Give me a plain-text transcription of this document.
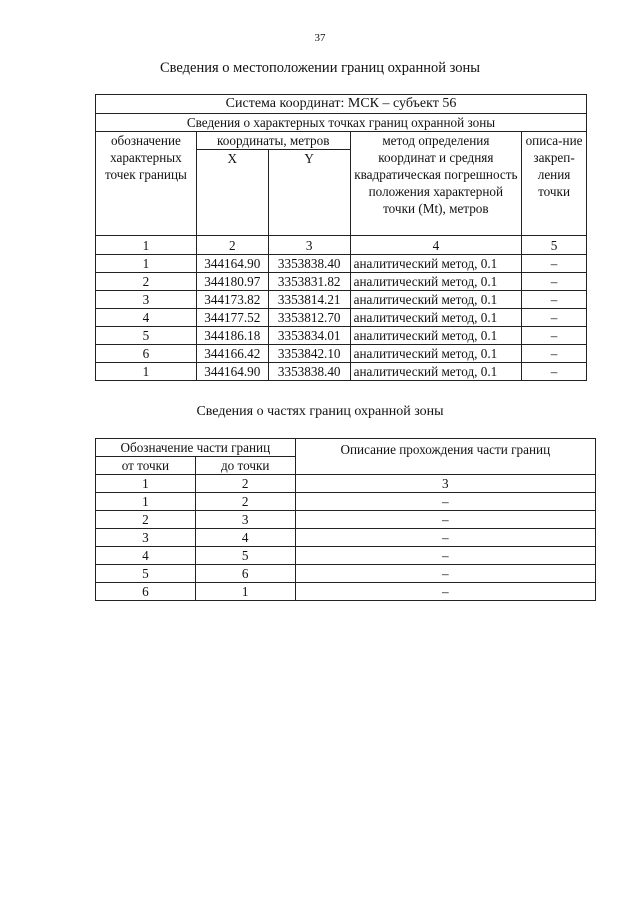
37
Сведения о местоположении границ охранной зоны
Система координат: МСК – субъект 56				
Сведения о характерных точках границ охранной зоны				
обозначение характерных точек границы	координаты, метров		метод определения координат и средняя квадратическая погрешность положения характерной точки (Mt), метров	описа-ние закреп-ления точки
	X	Y		
1	2	3	4	5
1	344164.90	3353838.40	аналитический метод, 0.1	–
2	344180.97	3353831.82	аналитический метод, 0.1	–
3	344173.82	3353814.21	аналитический метод, 0.1	–
4	344177.52	3353812.70	аналитический метод, 0.1	–
5	344186.18	3353834.01	аналитический метод, 0.1	–
6	344166.42	3353842.10	аналитический метод, 0.1	–
1	344164.90	3353838.40	аналитический метод, 0.1	–
Сведения о частях границ охранной зоны
Обозначение части границ		Описание прохождения части границ
от точки	до точки	
1	2	3
1	2	–
2	3	–
3	4	–
4	5	–
5	6	–
6	1	–
